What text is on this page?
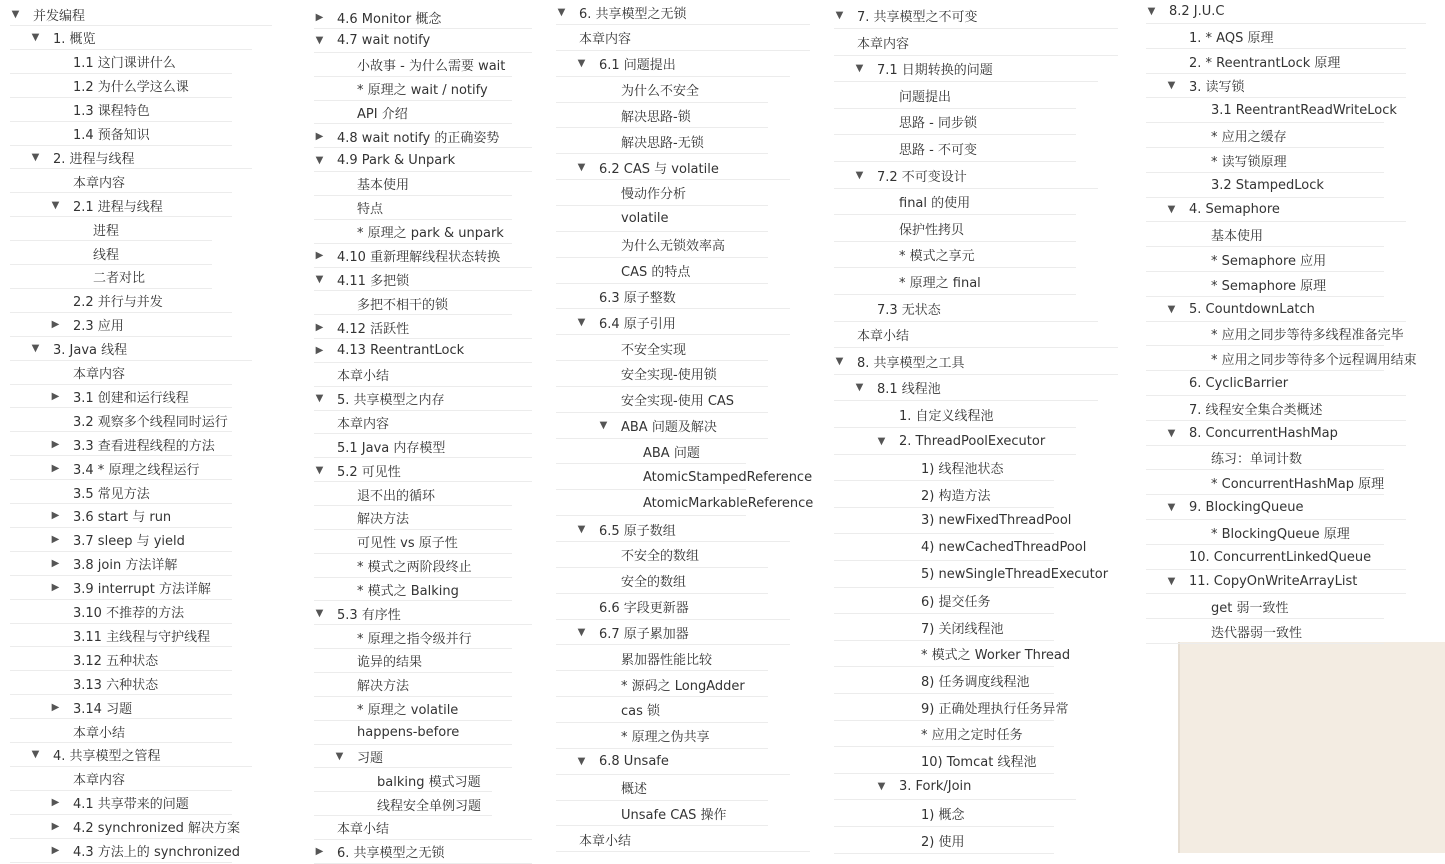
▼	并发编程
▼	1. 概览
1.1 这门课讲什么
1.2 为什么学这么课
1.3 课程特色
1.4 预备知识
▼	2. 进程与线程
本章内容
▼	2.1 进程与线程
进程
线程
二者对比
2.2 并行与并发
▶	2.3 应用
▼	3. Java 线程
本章内容
▶	3.1 创建和运行线程
3.2 观察多个线程同时运行
▶	3.3 查看进程线程的方法
▶	3.4 * 原理之线程运行
3.5 常见方法
▶	3.6 start 与 run
▶	3.7 sleep 与 yield
▶	3.8 join 方法详解
▶	3.9 interrupt 方法详解
3.10 不推荐的方法
3.11 主线程与守护线程
3.12 五种状态
3.13 六种状态
▶	3.14 习题
本章小结
▼	4. 共享模型之管程
本章内容
▶	4.1 共享带来的问题
▶	4.2 synchronized 解决方案
▶	4.3 方法上的 synchronized
▶	4.6 Monitor 概念
▼	4.7 wait notify
小故事 - 为什么需要 wait
* 原理之 wait / notify
API 介绍
▶	4.8 wait notify 的正确姿势
▼	4.9 Park & Unpark
基本使用
特点
* 原理之 park & unpark
▶	4.10 重新理解线程状态转换
▼	4.11 多把锁
多把不相干的锁
▶	4.12 活跃性
▶	4.13 ReentrantLock
本章小结
▼	5. 共享模型之内存
本章内容
5.1 Java 内存模型
▼	5.2 可见性
退不出的循环
解决方法
可见性 vs 原子性
* 模式之两阶段终止
* 模式之 Balking
▼	5.3 有序性
* 原理之指令级并行
诡异的结果
解决方法
* 原理之 volatile
happens-before
▼	习题
balking 模式习题
线程安全单例习题
本章小结
▶	6. 共享模型之无锁
▼	6. 共享模型之无锁
本章内容
▼	6.1 问题提出
为什么不安全
解决思路-锁
解决思路-无锁
▼	6.2 CAS 与 volatile
慢动作分析
volatile
为什么无锁效率高
CAS 的特点
6.3 原子整数
▼	6.4 原子引用
不安全实现
安全实现-使用锁
安全实现-使用 CAS
▼	ABA 问题及解决
ABA 问题
AtomicStampedReference
AtomicMarkableReference
▼	6.5 原子数组
不安全的数组
安全的数组
6.6 字段更新器
▼	6.7 原子累加器
累加器性能比较
* 源码之 LongAdder
cas 锁
* 原理之伪共享
▼	6.8 Unsafe
概述
Unsafe CAS 操作
本章小结
▼	7. 共享模型之不可变
本章内容
▼	7.1 日期转换的问题
问题提出
思路 - 同步锁
思路 - 不可变
▼	7.2 不可变设计
final 的使用
保护性拷贝
* 模式之享元
* 原理之 final
7.3 无状态
本章小结
▼	8. 共享模型之工具
▼	8.1 线程池
1. 自定义线程池
▼	2. ThreadPoolExecutor
1) 线程池状态
2) 构造方法
3) newFixedThreadPool
4) newCachedThreadPool
5) newSingleThreadExecutor
6) 提交任务
7) 关闭线程池
* 模式之 Worker Thread
8) 任务调度线程池
9) 正确处理执行任务异常
* 应用之定时任务
10) Tomcat 线程池
▼	3. Fork/Join
1) 概念
2) 使用
▼	8.2 J.U.C
1. * AQS 原理
2. * ReentrantLock 原理
▼	3. 读写锁
3.1 ReentrantReadWriteLock
* 应用之缓存
* 读写锁原理
3.2 StampedLock
▼	4. Semaphore
基本使用
* Semaphore 应用
* Semaphore 原理
▼	5. CountdownLatch
* 应用之同步等待多线程准备完毕
* 应用之同步等待多个远程调用结束
6. CyclicBarrier
7. 线程安全集合类概述
▼	8. ConcurrentHashMap
练习：单词计数
* ConcurrentHashMap 原理
▼	9. BlockingQueue
* BlockingQueue 原理
10. ConcurrentLinkedQueue
▼	11. CopyOnWriteArrayList
get 弱一致性
迭代器弱一致性
